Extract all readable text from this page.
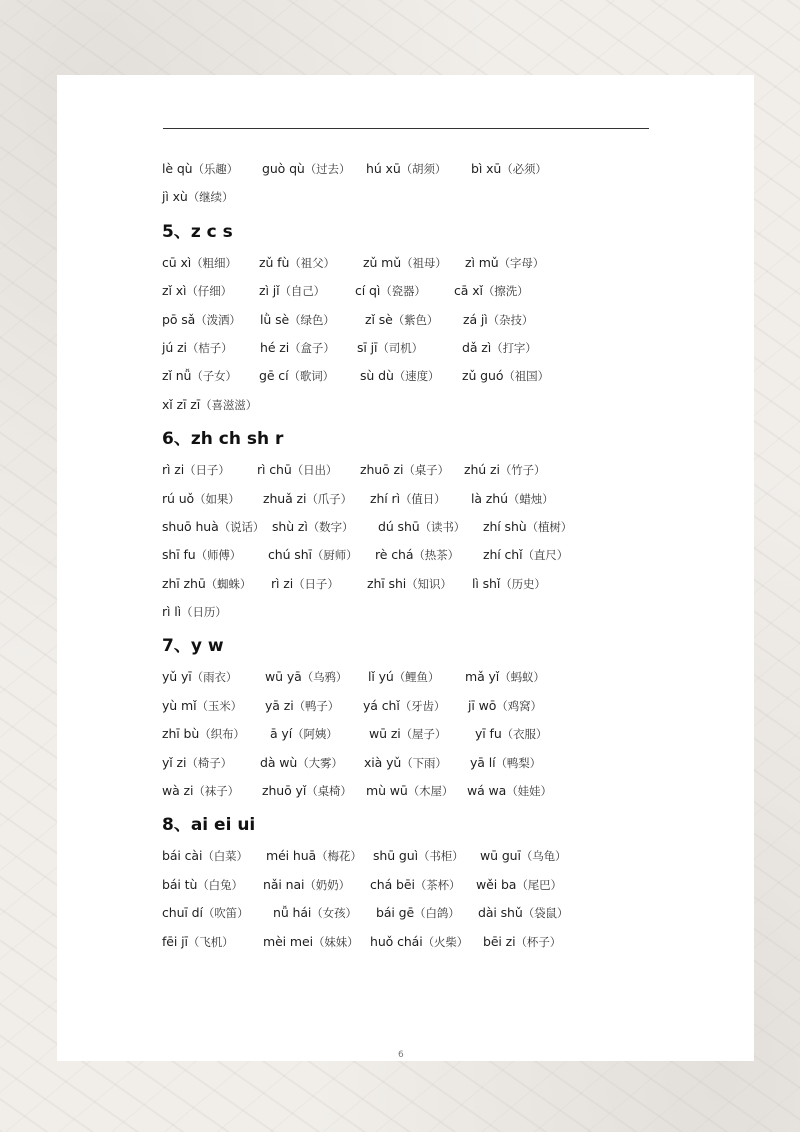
lè qù（乐趣） guò qù（过去） hú xū（胡须） bì xū（必须）
jì xù（继续）
5、z c s
cū xì（粗细） zǔ fù（祖父） zǔ mǔ（祖母） zì mǔ（字母）
zǐ xì（仔细） zì jǐ（自己） cí qì（瓷器） cā xǐ（擦洗）
pō sǎ（泼洒） lǜ sè（绿色） zǐ sè（紫色） zá jì（杂技）
jú zi（桔子） hé zi（盒子） sī jī（司机）	dǎ zì（打字）
zǐ nǚ（子女） gē cí（歌词） sù dù（速度） zǔ guó（祖国）
xǐ zī zī（喜滋滋）
6、zh ch sh r
rì zi（日子） rì chū（日出） zhuō zi（桌子） zhú zi（竹子）
rú uǒ（如果） zhuǎ zi（爪子） zhí rì（值日） là zhú（蜡烛）
shuō huà（说话） shù zì（数字） dú shū（读书） zhí shù（植树）
shī fu（师傅） chú shī（厨师） rè chá（热茶） zhí chǐ（直尺）
zhī zhū（蜘蛛） rì zi（日子） zhī shi（知识） lì shǐ（历史）
rì lì（日历）
7、y w
yǔ yī（雨衣） wū yā（乌鸦） lǐ yú（鲤鱼） mǎ yǐ（蚂蚁）
yù mǐ（玉米） yā zi（鸭子） yá chǐ（牙齿） jī wō（鸡窝）
zhī bù（织布） ā yí（阿姨）	wū zi（屋子） yī fu（衣服）
yǐ zi（椅子） dà wù（大雾） xià yǔ（下雨） yā lí（鸭梨）
wà zi（袜子） zhuō yǐ（桌椅） mù wū（木屋） wá wa（娃娃）
8、ai ei ui
bái cài（白菜） méi huā（梅花） shū guì（书柜） wū guī（乌龟）
bái tù（白兔） nǎi nai（奶奶） chá bēi（茶杯） wěi ba（尾巴）
chuī dí（吹笛） nǚ hái（女孩） bái gē（白鸽） dài shǔ（袋鼠）
fēi jī（飞机） mèi mei（妹妹） huǒ chái（火柴） bēi zi（杯子）
6
